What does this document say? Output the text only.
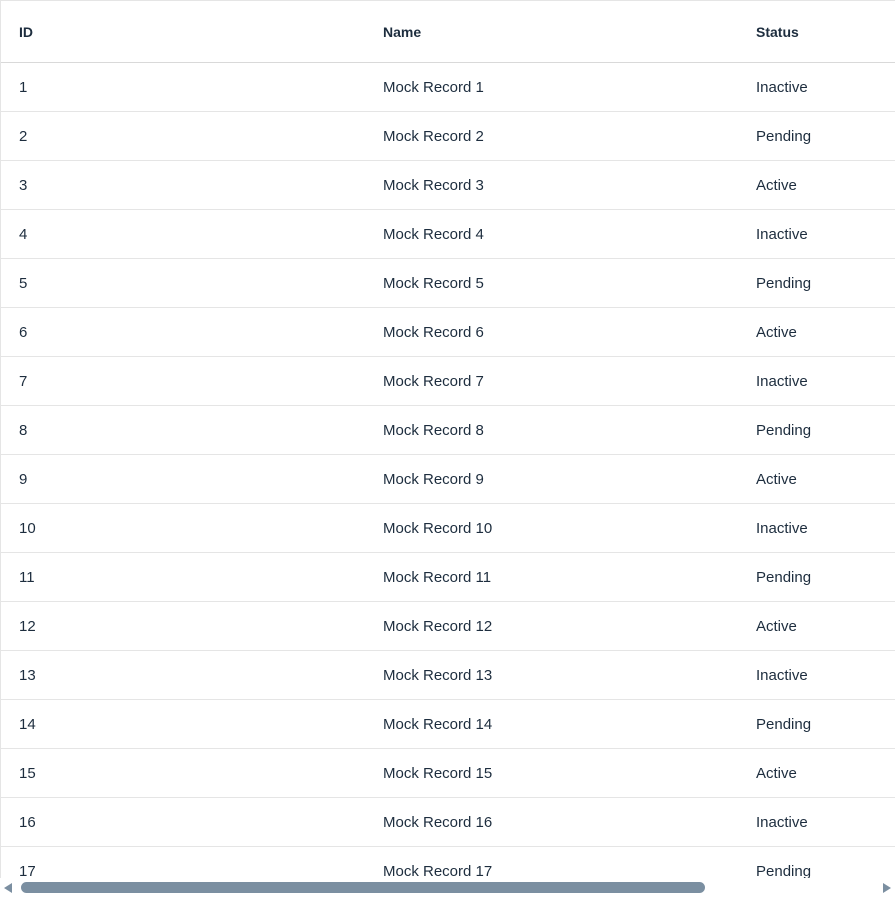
ID	Name	Status
1	Mock Record 1	Inactive
2	Mock Record 2	Pending
3	Mock Record 3	Active
4	Mock Record 4	Inactive
5	Mock Record 5	Pending
6	Mock Record 6	Active
7	Mock Record 7	Inactive
8	Mock Record 8	Pending
9	Mock Record 9	Active
10	Mock Record 10	Inactive
11	Mock Record 11	Pending
12	Mock Record 12	Active
13	Mock Record 13	Inactive
14	Mock Record 14	Pending
15	Mock Record 15	Active
16	Mock Record 16	Inactive
17	Mock Record 17	Pending
